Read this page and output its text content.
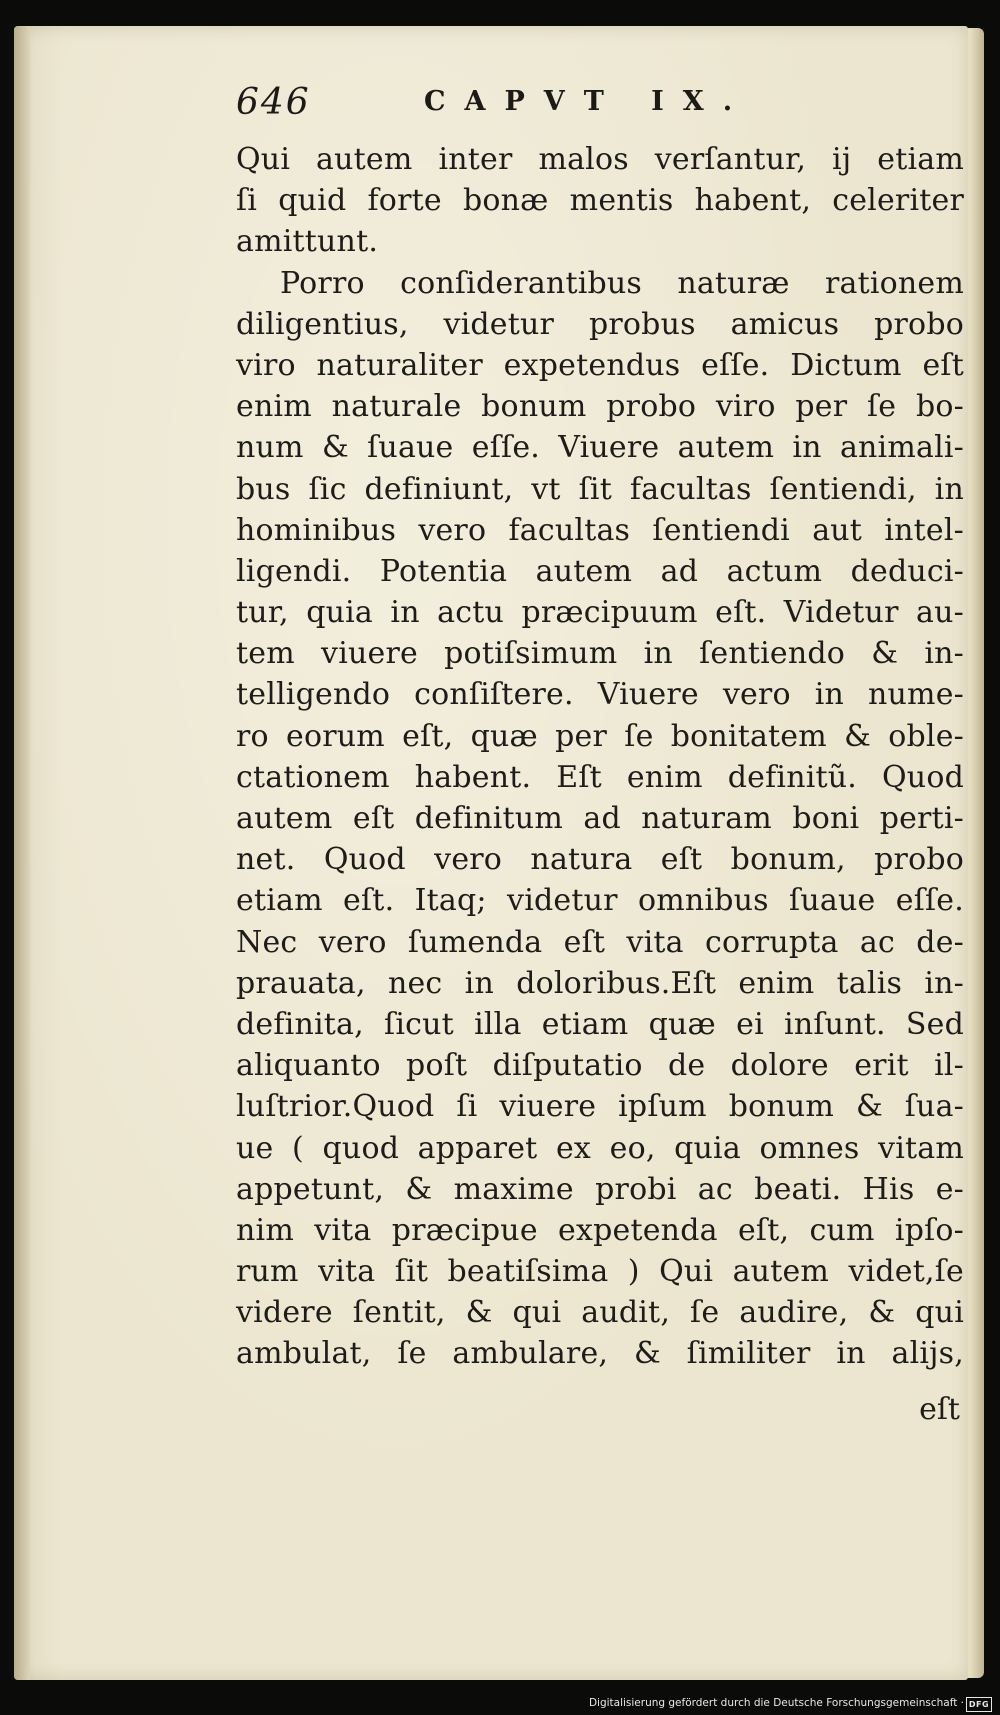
646	CAPVT IX.
Qui autem inter malos verſantur, ij etiam
ſi quid forte bonæ mentis habent, celeriter
amittunt.
Porro conſiderantibus naturæ rationem
diligentius, videtur probus amicus probo
viro naturaliter expetendus eſſe. Dictum eſt
enim naturale bonum probo viro per ſe bo-
num & ſuaue eſſe. Viuere autem in animali-
bus ſic definiunt, vt ſit facultas ſentiendi, in
hominibus vero facultas ſentiendi aut intel-
ligendi. Potentia autem ad actum deduci-
tur, quia in actu præcipuum eſt. Videtur au-
tem viuere potiſsimum in ſentiendo & in-
telligendo conſiſtere. Viuere vero in nume-
ro eorum eſt, quæ per ſe bonitatem & oble-
ctationem habent. Eſt enim definitũ. Quod
autem eſt definitum ad naturam boni perti-
net. Quod vero natura eſt bonum, probo
etiam eſt. Itaq; videtur omnibus ſuaue eſſe.
Nec vero ſumenda eſt vita corrupta ac de-
prauata, nec in doloribus.Eſt enim talis in-
definita, ſicut illa etiam quæ ei inſunt. Sed
aliquanto poſt diſputatio de dolore erit il-
luſtrior.Quod ſi viuere ipſum bonum & ſua-
ue ( quod apparet ex eo, quia omnes vitam
appetunt, & maxime probi ac beati. His e-
nim vita præcipue expetenda eſt, cum ipſo-
rum vita ſit beatiſsima ) Qui autem videt,ſe
videre ſentit, & qui audit, ſe audire, & qui
ambulat, ſe ambulare, & ſimiliter in alijs,
eſt
Digitalisierung gefördert durch die Deutsche Forschungsgemeinschaft · DFG
